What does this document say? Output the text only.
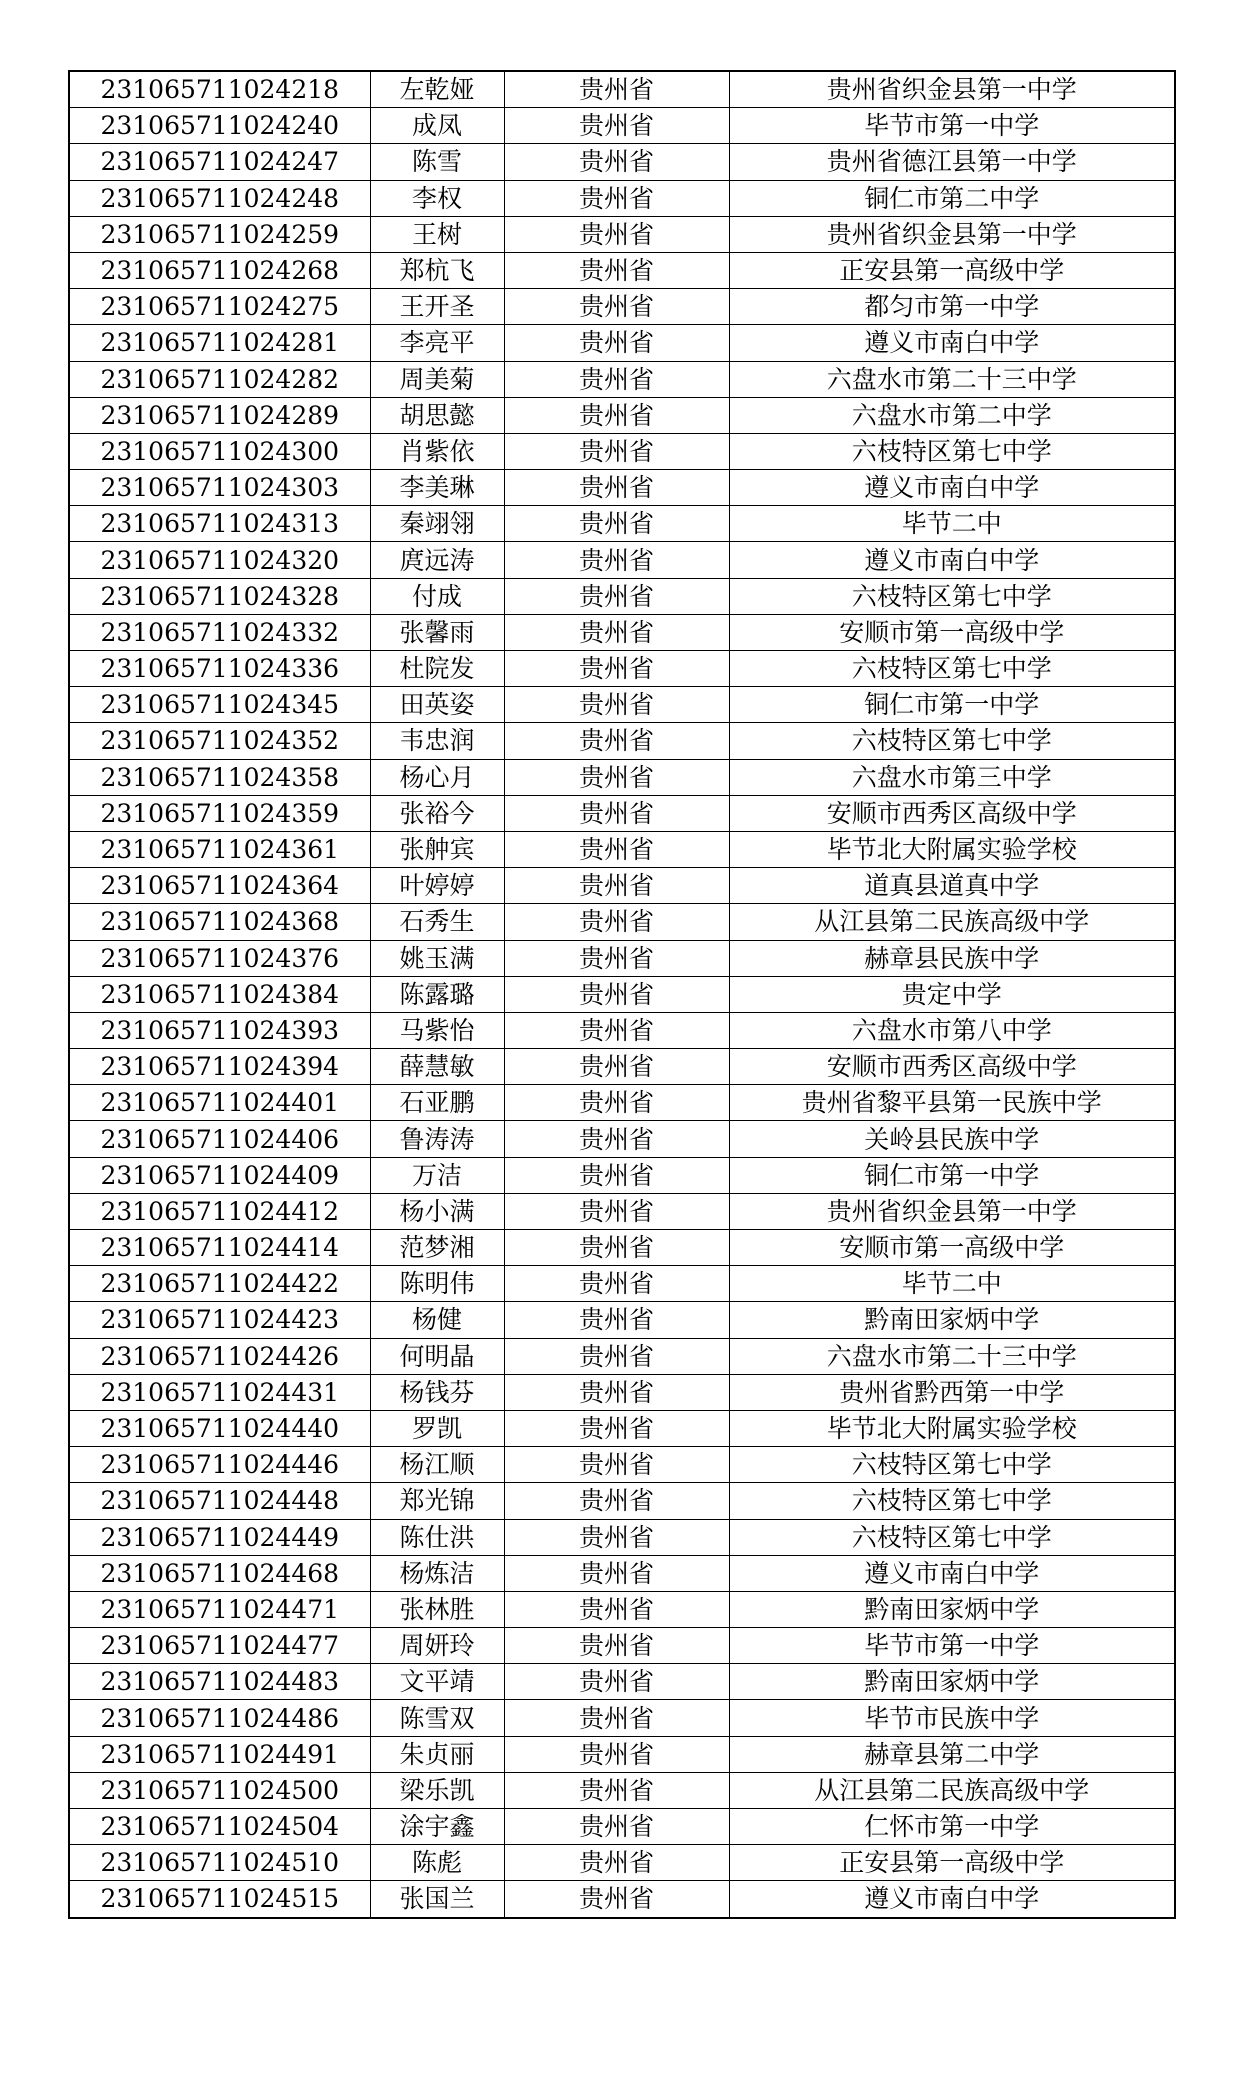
231065711024218	左乾娅	贵州省	贵州省织金县第一中学
231065711024240	成凤	贵州省	毕节市第一中学
231065711024247	陈雪	贵州省	贵州省德江县第一中学
231065711024248	李权	贵州省	铜仁市第二中学
231065711024259	王树	贵州省	贵州省织金县第一中学
231065711024268	郑杭飞	贵州省	正安县第一高级中学
231065711024275	王开圣	贵州省	都匀市第一中学
231065711024281	李亮平	贵州省	遵义市南白中学
231065711024282	周美菊	贵州省	六盘水市第二十三中学
231065711024289	胡思懿	贵州省	六盘水市第二中学
231065711024300	肖紫依	贵州省	六枝特区第七中学
231065711024303	李美琳	贵州省	遵义市南白中学
231065711024313	秦翊翎	贵州省	毕节二中
231065711024320	庹远涛	贵州省	遵义市南白中学
231065711024328	付成	贵州省	六枝特区第七中学
231065711024332	张馨雨	贵州省	安顺市第一高级中学
231065711024336	杜院发	贵州省	六枝特区第七中学
231065711024345	田英姿	贵州省	铜仁市第一中学
231065711024352	韦忠润	贵州省	六枝特区第七中学
231065711024358	杨心月	贵州省	六盘水市第三中学
231065711024359	张裕今	贵州省	安顺市西秀区高级中学
231065711024361	张舯宾	贵州省	毕节北大附属实验学校
231065711024364	叶婷婷	贵州省	道真县道真中学
231065711024368	石秀生	贵州省	从江县第二民族高级中学
231065711024376	姚玉满	贵州省	赫章县民族中学
231065711024384	陈露璐	贵州省	贵定中学
231065711024393	马紫怡	贵州省	六盘水市第八中学
231065711024394	薛慧敏	贵州省	安顺市西秀区高级中学
231065711024401	石亚鹏	贵州省	贵州省黎平县第一民族中学
231065711024406	鲁涛涛	贵州省	关岭县民族中学
231065711024409	万洁	贵州省	铜仁市第一中学
231065711024412	杨小满	贵州省	贵州省织金县第一中学
231065711024414	范梦湘	贵州省	安顺市第一高级中学
231065711024422	陈明伟	贵州省	毕节二中
231065711024423	杨健	贵州省	黔南田家炳中学
231065711024426	何明晶	贵州省	六盘水市第二十三中学
231065711024431	杨钱芬	贵州省	贵州省黔西第一中学
231065711024440	罗凯	贵州省	毕节北大附属实验学校
231065711024446	杨江顺	贵州省	六枝特区第七中学
231065711024448	郑光锦	贵州省	六枝特区第七中学
231065711024449	陈仕洪	贵州省	六枝特区第七中学
231065711024468	杨炼洁	贵州省	遵义市南白中学
231065711024471	张林胜	贵州省	黔南田家炳中学
231065711024477	周妍玲	贵州省	毕节市第一中学
231065711024483	文平靖	贵州省	黔南田家炳中学
231065711024486	陈雪双	贵州省	毕节市民族中学
231065711024491	朱贞丽	贵州省	赫章县第二中学
231065711024500	梁乐凯	贵州省	从江县第二民族高级中学
231065711024504	涂宇鑫	贵州省	仁怀市第一中学
231065711024510	陈彪	贵州省	正安县第一高级中学
231065711024515	张国兰	贵州省	遵义市南白中学
